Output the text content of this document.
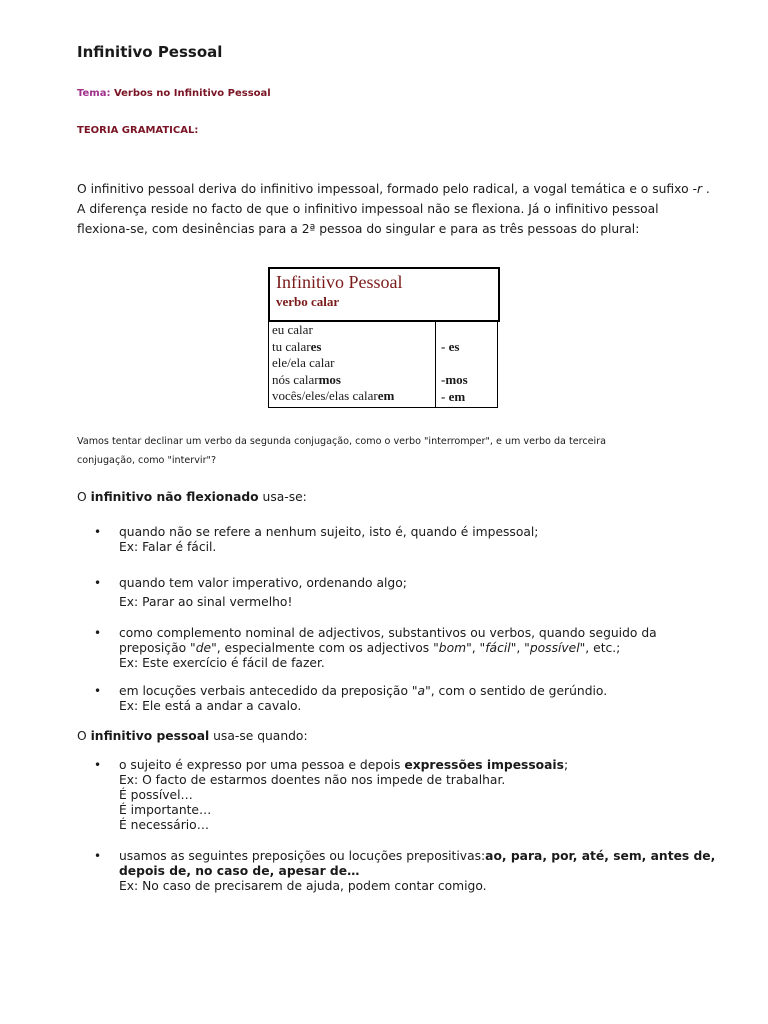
Infinitivo Pessoal
Tema: Verbos no Infinitivo Pessoal
TEORIA GRAMATICAL:
O infinitivo pessoal deriva do infinitivo impessoal, formado pelo radical, a vogal temática e o sufixo -r .
A diferença reside no facto de que o infinitivo impessoal não se flexiona. Já o infinitivo pessoal
flexiona-se, com desinências para a 2ª pessoa do singular e para as três pessoas do plural:
Infinitivo Pessoal
verbo calar
eu calar
tu calares
ele/ela calar
nós calarmos
vocês/eles/elas calarem
- es
-mos
- em
Vamos tentar declinar um verbo da segunda conjugação, como o verbo "interromper", e um verbo da terceira
conjugação, como "intervir"?
O infinitivo não flexionado usa-se:
• quando não se refere a nenhum sujeito, isto é, quando é impessoal;
Ex: Falar é fácil.
• quando tem valor imperativo, ordenando algo;
Ex: Parar ao sinal vermelho!
• como complemento nominal de adjectivos, substantivos ou verbos, quando seguido da
preposição "de", especialmente com os adjectivos "bom", "fácil", "possível", etc.;
Ex: Este exercício é fácil de fazer.
• em locuções verbais antecedido da preposição "a", com o sentido de gerúndio.
Ex: Ele está a andar a cavalo.
O infinitivo pessoal usa-se quando:
• o sujeito é expresso por uma pessoa e depois expressões impessoais;
Ex: O facto de estarmos doentes não nos impede de trabalhar.
É possível…
É importante…
É necessário…
• usamos as seguintes preposições ou locuções prepositivas:ao, para, por, até, sem, antes de,
depois de, no caso de, apesar de…
Ex: No caso de precisarem de ajuda, podem contar comigo.
